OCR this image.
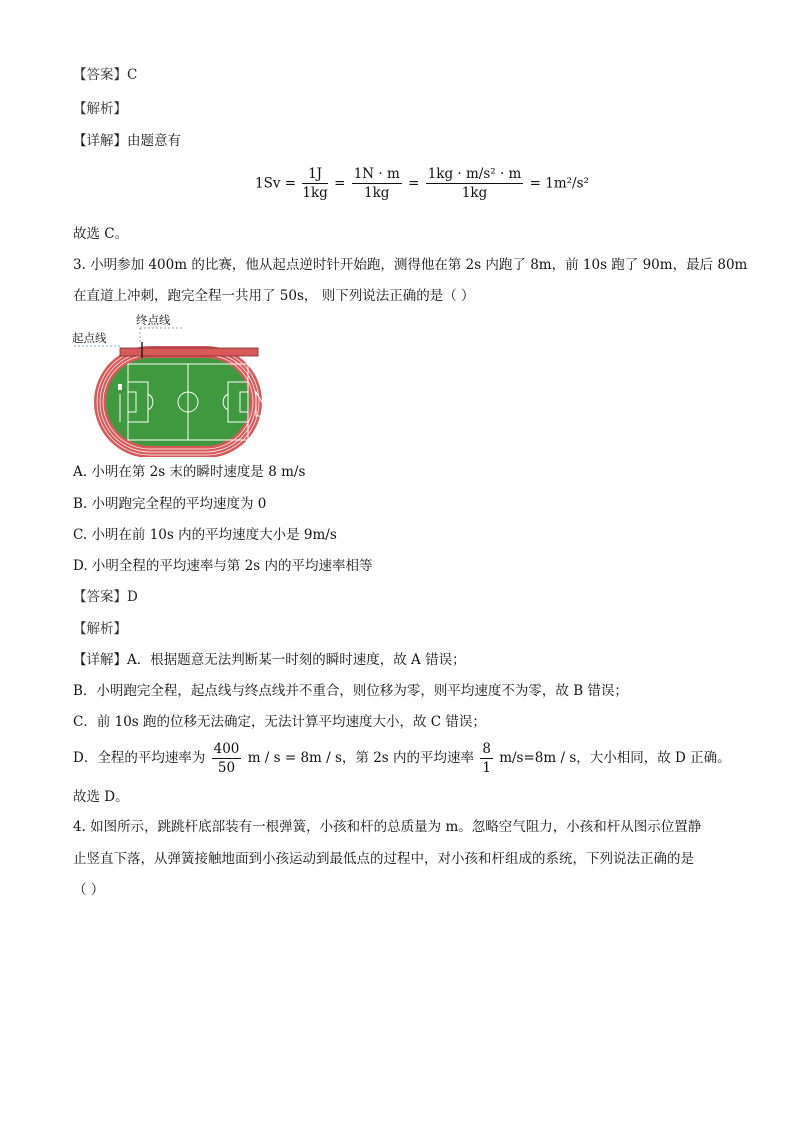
【答案】C
【解析】
【详解】由题意有
$1Sv = \frac{1J}{1kg} = \frac{1N \cdot m}{1kg} = \frac{\text{1kg · m/s² · m}}{1kg} = 1m^2/s^2$
故选 C。
3. 小明参加 400m 的比赛，他从起点逆时针开始跑，测得他在第 2s 内跑了 8m，前 10s 跑了 90m，最后 80m
在直道上冲刺，跑完全程一共用了 50s， 则下列说法正确的是（ ）
终点线
起点线
A. 小明在第 2s 末的瞬时速度是 8 m/s
B. 小明跑完全程的平均速度为 0
C. 小明在前 10s 内的平均速度大小是 9m/s
D. 小明全程的平均速率与第 2s 内的平均速率相等
【答案】D
【解析】
【详解】A．根据题意无法判断某一时刻的瞬时速度，故 A 错误；
B．小明跑完全程，起点线与终点线并不重合，则位移为零，则平均速度不为零，故 B 错误；
C．前 10s 跑的位移无法确定，无法计算平均速度大小，故 C 错误；
D．全程的平均速率为 $\frac{400}{50}$ m / s = 8m / s，第 2s 内的平均速率 $\frac{8}{1} m/s=8m / s$，大小相同，故 D 正确。
故选 D。
4. 如图所示，跳跳杆底部装有一根弹簧，小孩和杆的总质量为 m。忽略空气阻力，小孩和杆从图示位置静
止竖直下落，从弹簧接触地面到小孩运动到最低点的过程中，对小孩和杆组成的系统，下列说法正确的是
（ ）
